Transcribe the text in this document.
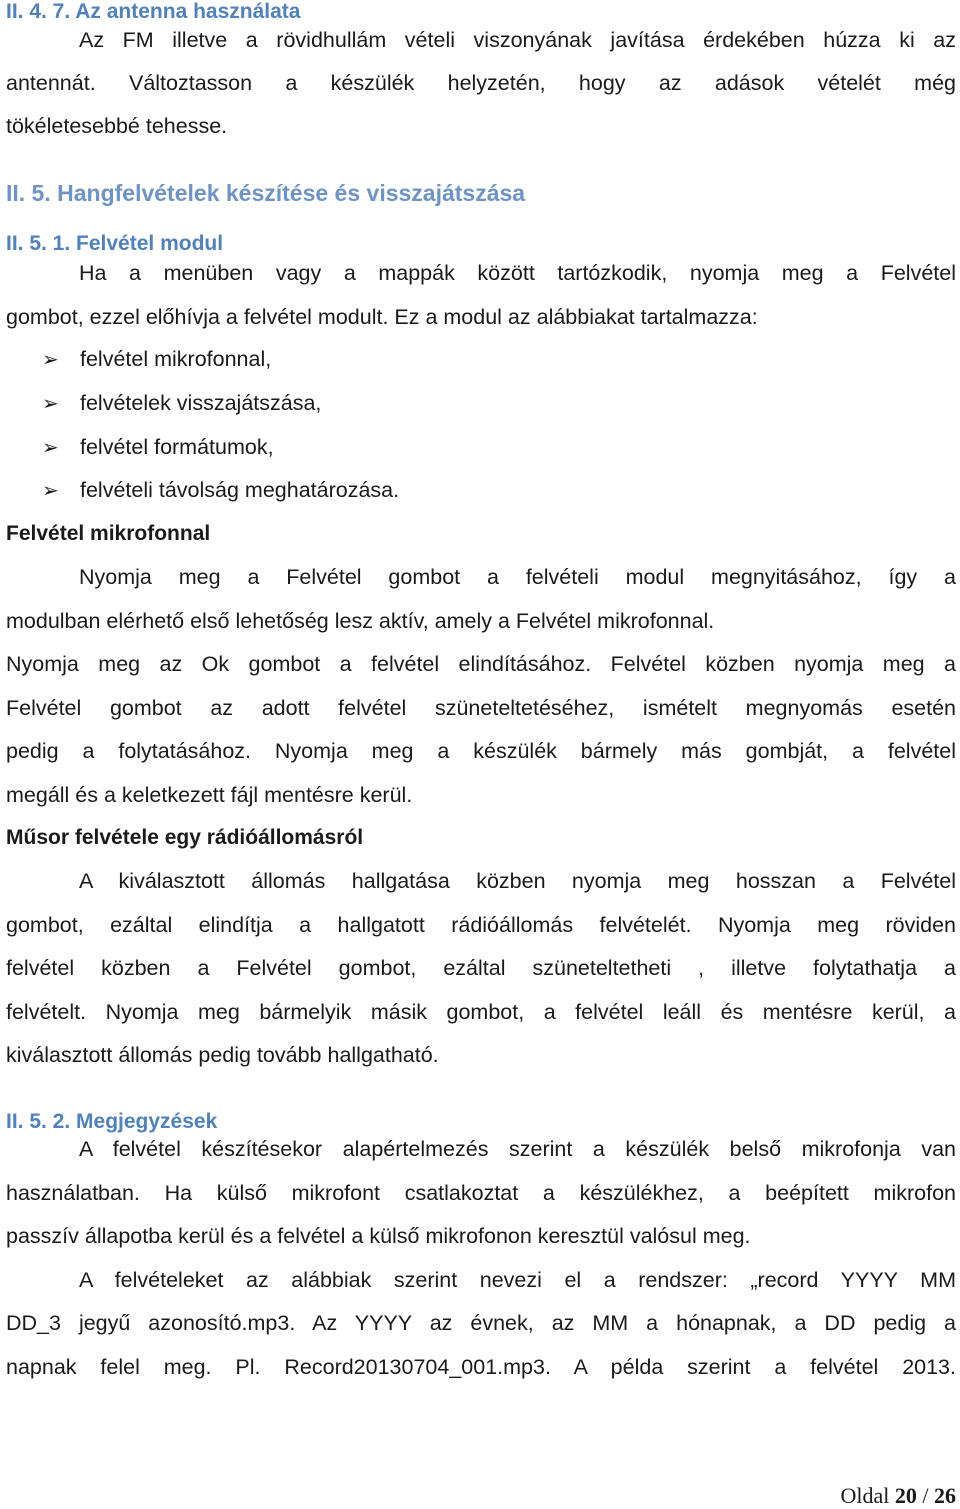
II. 4. 7. Az antenna használata
Az FM illetve a rövidhullám vételi viszonyának javítása érdekében húzza ki az
antennát. Változtasson a készülék helyzetén, hogy az adások vételét még
tökéletesebbé tehesse.
II. 5. Hangfelvételek készítése és visszajátszása
II. 5. 1. Felvétel modul
Ha a menüben vagy a mappák között tartózkodik, nyomja meg a Felvétel
gombot, ezzel előhívja a felvétel modult. Ez a modul az alábbiakat tartalmazza:
➢ felvétel mikrofonnal,
➢ felvételek visszajátszása,
➢ felvétel formátumok,
➢ felvételi távolság meghatározása.
Felvétel mikrofonnal
Nyomja meg a Felvétel gombot a felvételi modul megnyitásához, így a
modulban elérhető első lehetőség lesz aktív, amely a Felvétel mikrofonnal.
Nyomja meg az Ok gombot a felvétel elindításához. Felvétel közben nyomja meg a
Felvétel gombot az adott felvétel szüneteltetéséhez, ismételt megnyomás esetén
pedig a folytatásához. Nyomja meg a készülék bármely más gombját, a felvétel
megáll és a keletkezett fájl mentésre kerül.
Műsor felvétele egy rádióállomásról
A kiválasztott állomás hallgatása közben nyomja meg hosszan a Felvétel
gombot, ezáltal elindítja a hallgatott rádióállomás felvételét. Nyomja meg röviden
felvétel közben a Felvétel gombot, ezáltal szüneteltetheti , illetve folytathatja a
felvételt. Nyomja meg bármelyik másik gombot, a felvétel leáll és mentésre kerül, a
kiválasztott állomás pedig tovább hallgatható.
II. 5. 2. Megjegyzések
A felvétel készítésekor alapértelmezés szerint a készülék belső mikrofonja van
használatban. Ha külső mikrofont csatlakoztat a készülékhez, a beépített mikrofon
passzív állapotba kerül és a felvétel a külső mikrofonon keresztül valósul meg.
A felvételeket az alábbiak szerint nevezi el a rendszer: „record YYYY MM
DD_3 jegyű azonosító.mp3. Az YYYY az évnek, az MM a hónapnak, a DD pedig a
napnak felel meg. Pl. Record20130704_001.mp3. A példa szerint a felvétel 2013.
Oldal 20 / 26
